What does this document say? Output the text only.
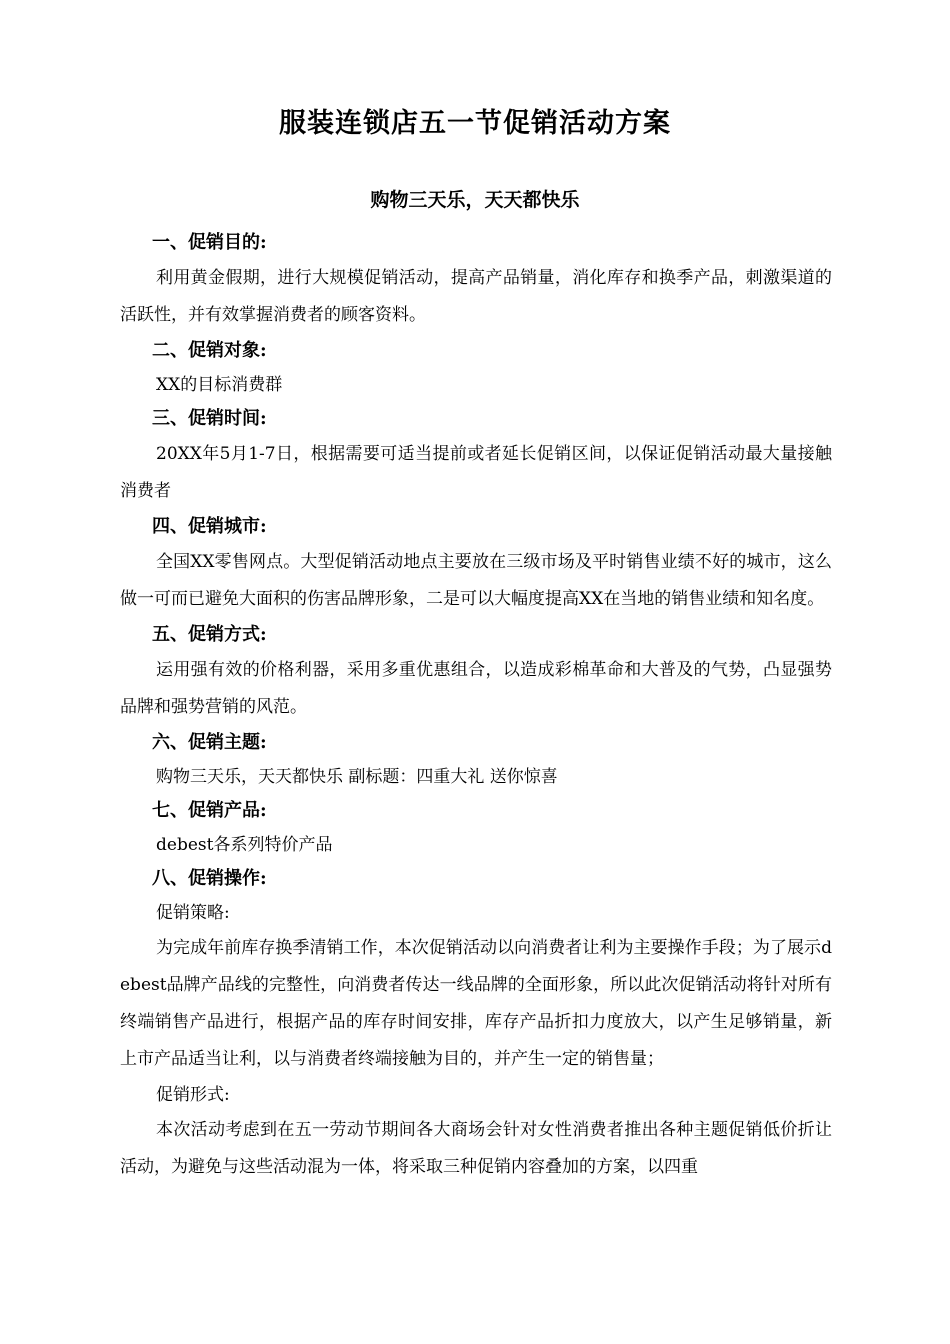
服装连锁店五一节促销活动方案
购物三天乐，天天都快乐
一、促销目的:

利用黄金假期，进行大规模促销活动，提高产品销量，消化库存和换季产品，刺激渠道的活跃性，并有效掌握消费者的顾客资料。

二、促销对象:

XX的目标消费群

三、促销时间:

20XX年5月1-7日，根据需要可适当提前或者延长促销区间，以保证促销活动最大量接触消费者

四、促销城市:

全国XX零售网点。大型促销活动地点主要放在三级市场及平时销售业绩不好的城市，这么做一可而已避免大面积的伤害品牌形象，二是可以大幅度提高XX在当地的销售业绩和知名度。

五、促销方式:

运用强有效的价格利器，采用多重优惠组合，以造成彩棉革命和大普及的气势，凸显强势品牌和强势营销的风范。

六、促销主题:

购物三天乐，天天都快乐 副标题：四重大礼 送你惊喜

七、促销产品:

debest各系列特价产品

八、促销操作:

促销策略:

为完成年前库存换季清销工作，本次促销活动以向消费者让利为主要操作手段；为了展示debest品牌产品线的完整性，向消费者传达一线品牌的全面形象，所以此次促销活动将针对所有终端销售产品进行，根据产品的库存时间安排，库存产品折扣力度放大，以产生足够销量，新上市产品适当让利，以与消费者终端接触为目的，并产生一定的销售量；

促销形式:

本次活动考虑到在五一劳动节期间各大商场会针对女性消费者推出各种主题促销低价折让活动，为避免与这些活动混为一体，将采取三种促销内容叠加的方案，以四重
